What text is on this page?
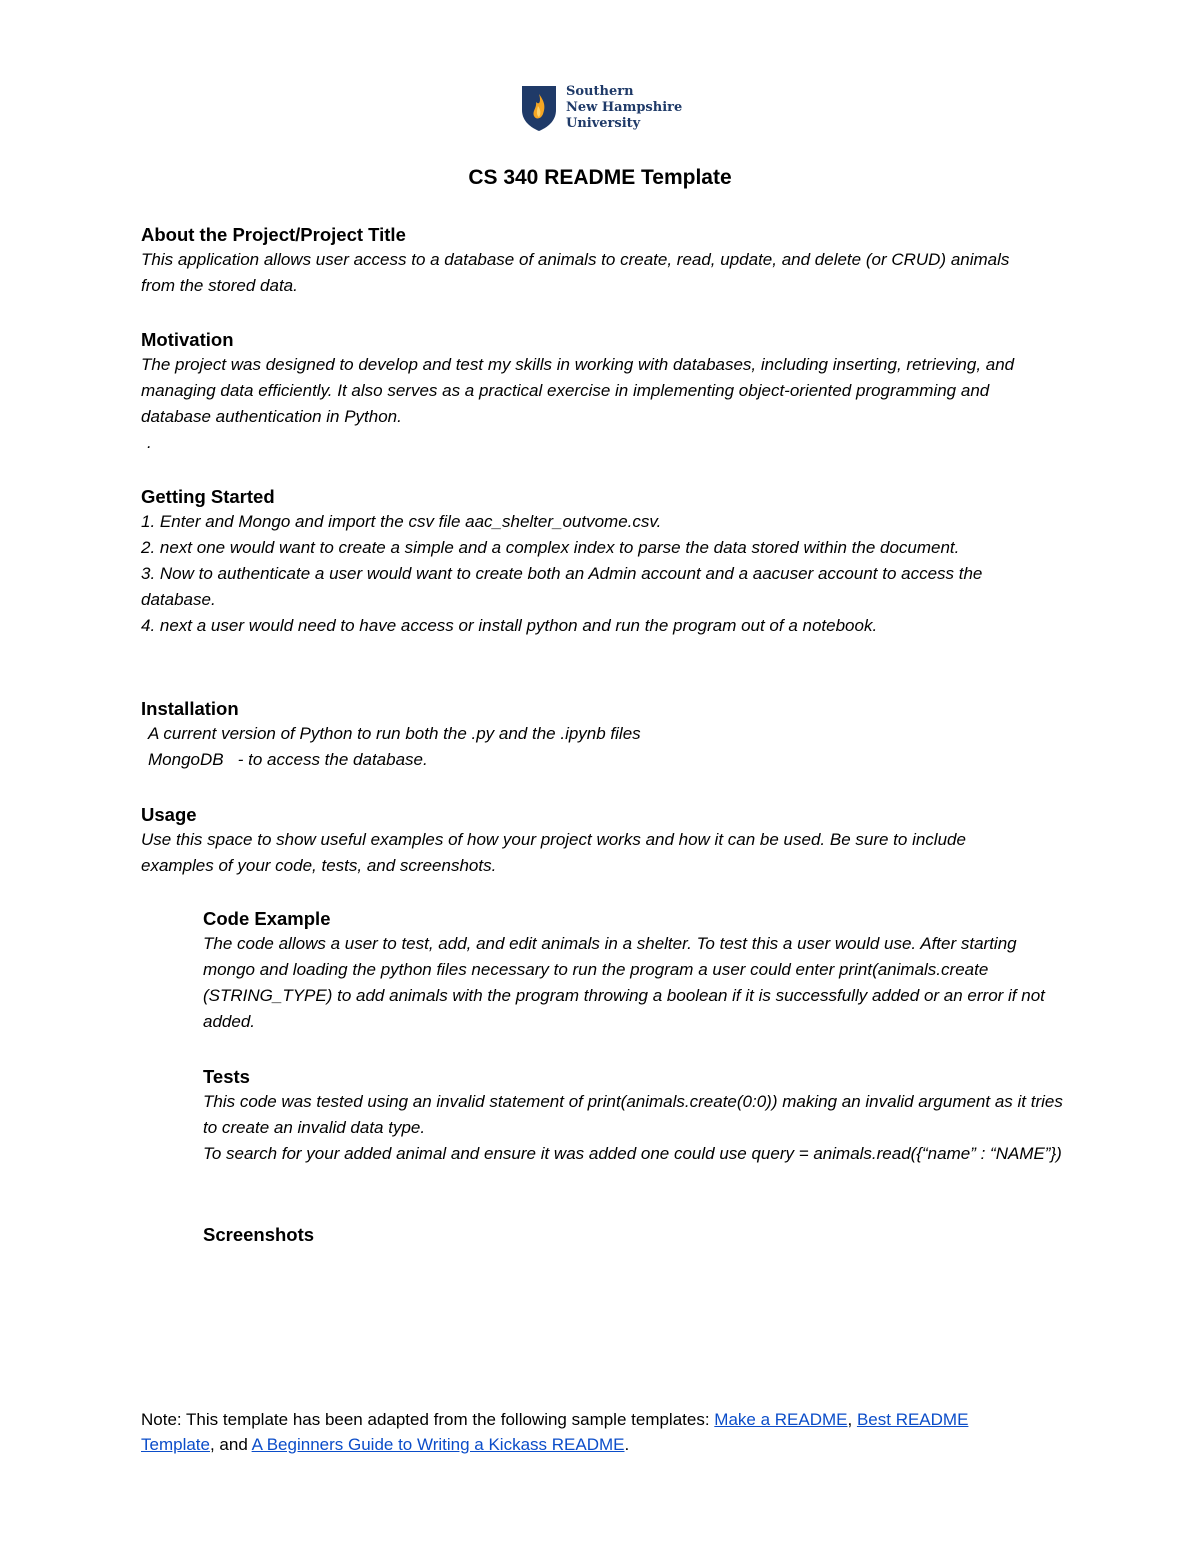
Southern
New Hampshire
University
CS 340 README Template

About the Project/Project Title

This application allows user access to a database of animals to create, read, update, and delete (or CRUD) animals from the stored data.

Motivation

The project was designed to develop and test my skills in working with databases, including inserting, retrieving, and managing data efficiently. It also serves as a practical exercise in implementing object-oriented programming and database authentication in Python.

.

Getting Started

1. Enter and Mongo and import the csv file aac_shelter_outvome.csv.

2. next one would want to create a simple and a complex index to parse the data stored within the document.

3. Now to authenticate a user would want to create both an Admin account and a aacuser account to access the database.

4. next a user would need to have access or install python and run the program out of a notebook.

Installation

A current version of Python to run both the .py and the .ipynb files

MongoDB   - to access the database.

Usage

Use this space to show useful examples of how your project works and how it can be used. Be sure to include examples of your code, tests, and screenshots.

Code Example

The code allows a user to test, add, and edit animals in a shelter. To test this a user would use. After starting mongo and loading the python files necessary to run the program a user could enter print(animals.create (STRING_TYPE) to add animals with the program throwing a boolean if it is successfully added or an error if not added.

Tests

This code was tested using an invalid statement of print(animals.create(0:0)) making an invalid argument as it tries to create an invalid data type.

To search for your added animal and ensure it was added one could use query = animals.read({“name” : “NAME”})

Screenshots

Note: This template has been adapted from the following sample templates: Make a README, Best README Template, and A Beginners Guide to Writing a Kickass README.
